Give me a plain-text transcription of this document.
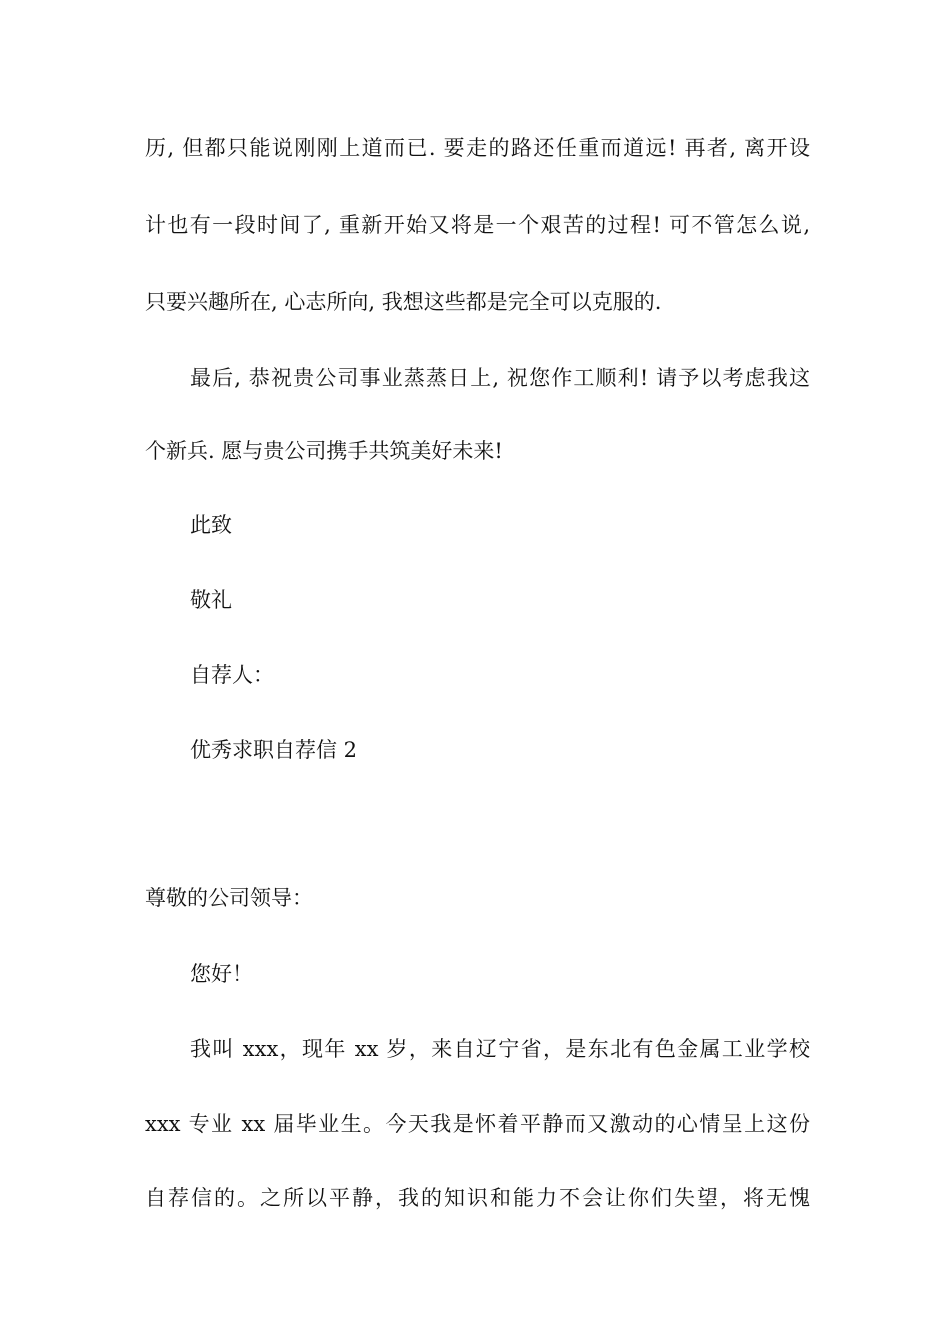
历, 但都只能说刚刚上道而已. 要走的路还任重而道远! 再者, 离开设
计也有一段时间了, 重新开始又将是一个艰苦的过程! 可不管怎么说,
只要兴趣所在, 心志所向, 我想这些都是完全可以克服的.
最后, 恭祝贵公司事业蒸蒸日上, 祝您作工顺利! 请予以考虑我这
个新兵. 愿与贵公司携手共筑美好未来!
此致
敬礼
自荐人：
优秀求职自荐信 2
尊敬的公司领导：
您好！
我叫 xxx，现年 xx 岁，来自辽宁省，是东北有色金属工业学校
xxx 专业 xx 届毕业生。今天我是怀着平静而又激动的心情呈上这份
自荐信的。之所以平静，我的知识和能力不会让你们失望，将无愧
